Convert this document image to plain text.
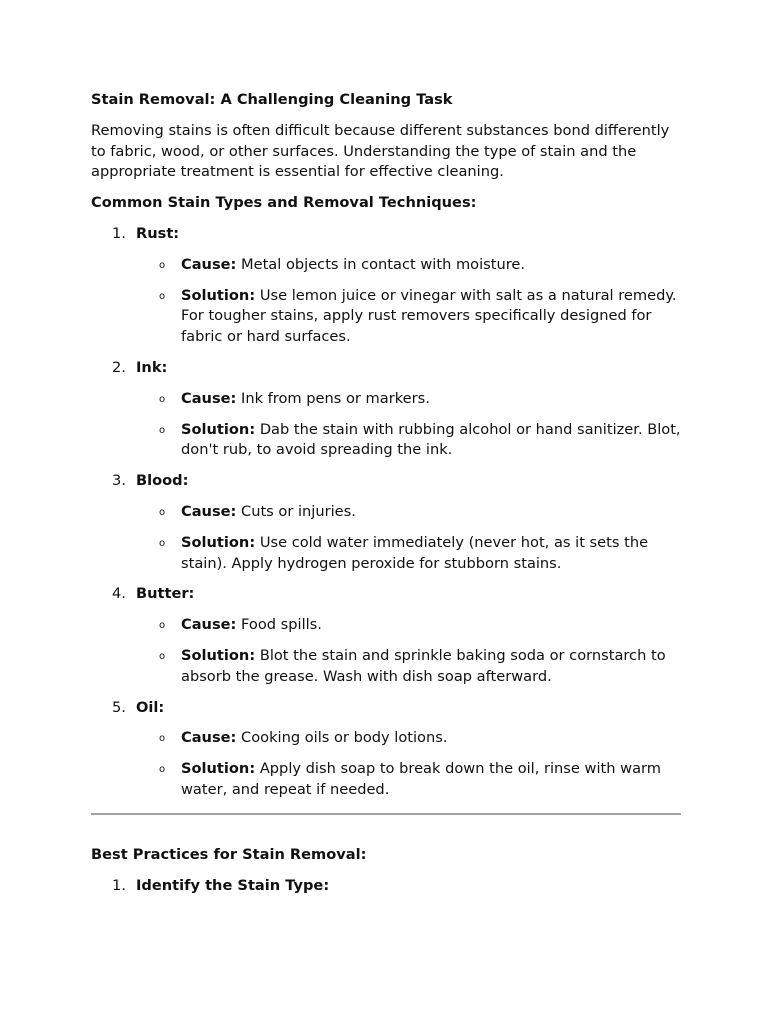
Stain Removal: A Challenging Cleaning Task

Removing stains is often difficult because different substances bond differently to fabric, wood, or other surfaces. Understanding the type of stain and the appropriate treatment is essential for effective cleaning.

Common Stain Types and Removal Techniques:

1. Rust:
o Cause: Metal objects in contact with moisture.
o Solution: Use lemon juice or vinegar with salt as a natural remedy. For tougher stains, apply rust removers specifically designed for fabric or hard surfaces.
2. Ink:
o Cause: Ink from pens or markers.
o Solution: Dab the stain with rubbing alcohol or hand sanitizer. Blot, don't rub, to avoid spreading the ink.
3. Blood:
o Cause: Cuts or injuries.
o Solution: Use cold water immediately (never hot, as it sets the stain). Apply hydrogen peroxide for stubborn stains.
4. Butter:
o Cause: Food spills.
o Solution: Blot the stain and sprinkle baking soda or cornstarch to absorb the grease. Wash with dish soap afterward.
5. Oil:
o Cause: Cooking oils or body lotions.
o Solution: Apply dish soap to break down the oil, rinse with warm water, and repeat if needed.

Best Practices for Stain Removal:

1. Identify the Stain Type:
